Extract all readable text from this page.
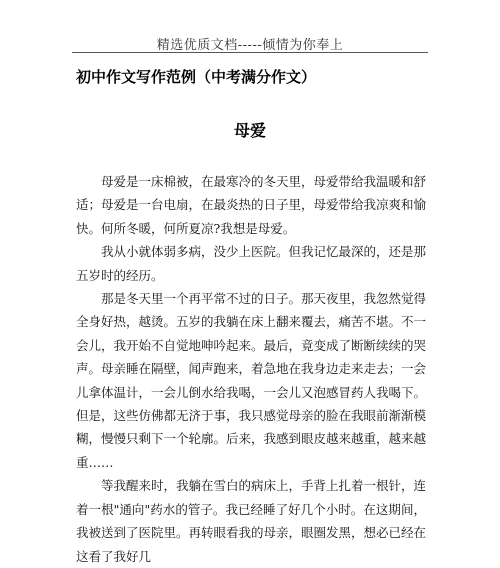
精选优质文档-----倾情为你奉上
初中作文写作范例（中考满分作文）
母爱

母爱是一床棉被，在最寒冷的冬天里，母爱带给我温暖和舒适；母爱是一台电扇，在最炎热的日子里，母爱带给我凉爽和愉快。何所冬暖，何所夏凉?我想是母爱。

我从小就体弱多病，没少上医院。但我记忆最深的，还是那五岁时的经历。

那是冬天里一个再平常不过的日子。那天夜里，我忽然觉得全身好热，越烫。五岁的我躺在床上翻来覆去，痛苦不堪。不一会儿，我开始不自觉地呻吟起来。最后，竟变成了断断续续的哭声。母亲睡在隔壁，闻声跑来，着急地在我身边走来走去；一会儿拿体温计，一会儿倒水给我喝，一会儿又泡感冒药人我喝下。但是，这些仿佛都无济于事，我只感觉母亲的脸在我眼前渐渐模糊，慢慢只剩下一个轮廓。后来，我感到眼皮越来越重，越来越重……

等我醒来时，我躺在雪白的病床上，手背上扎着一根针，连着一根"通向"药水的管子。我已经睡了好几个小时。在这期间，我被送到了医院里。再转眼看我的母亲，眼圈发黑，想必已经在这看了我好几
